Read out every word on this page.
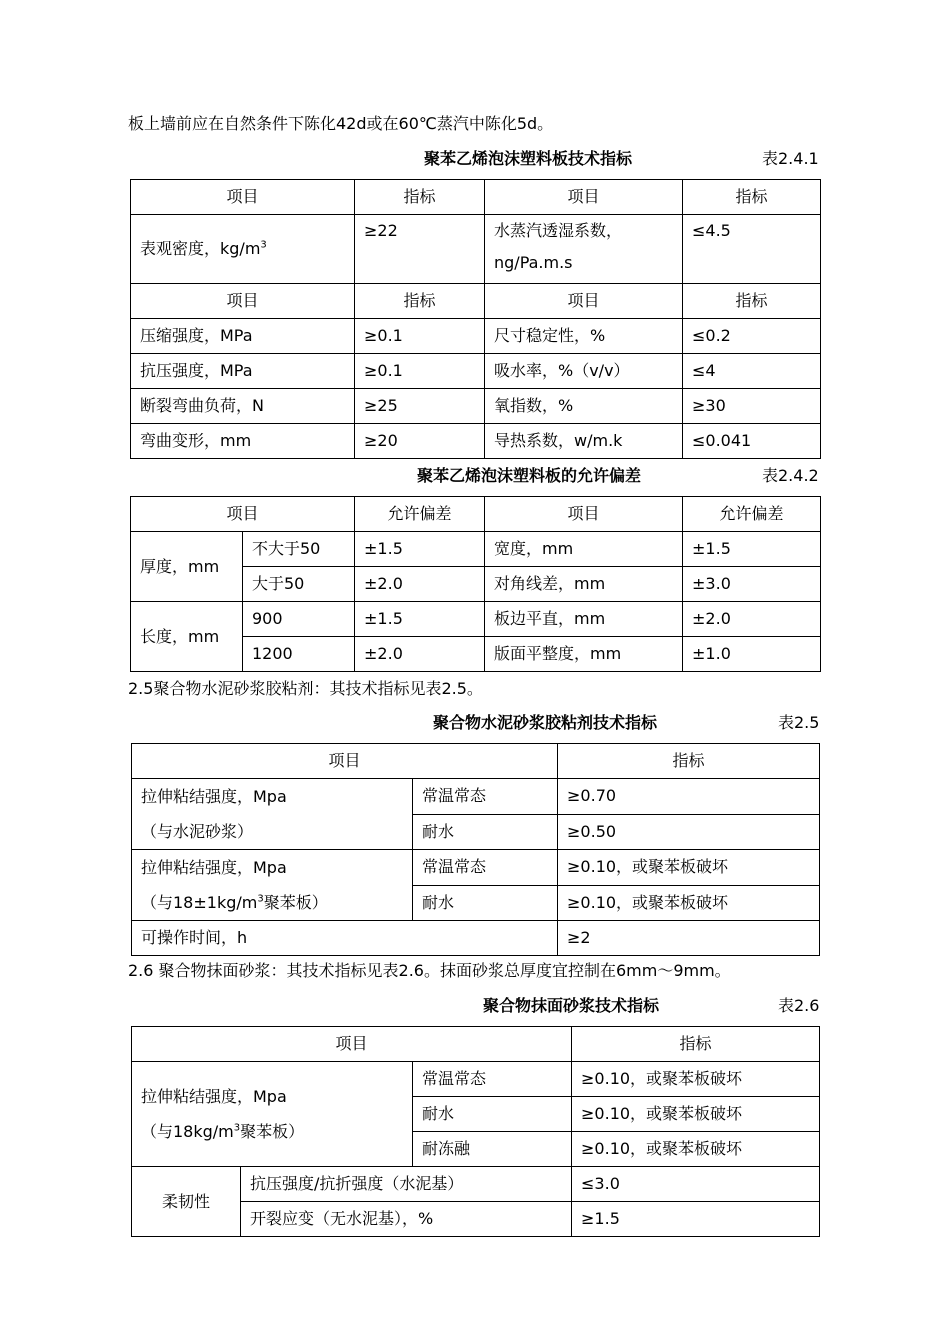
板上墙前应在自然条件下陈化42d或在60℃蒸汽中陈化5d。
聚苯乙烯泡沫塑料板技术指标	表2.4.1
项目	指标	项目	指标
表观密度，$kg/m^3$	≥22	水蒸汽透湿系数，
ng/Pa.m.s	≤4.5
项目	指标	项目	指标
压缩强度，MPa	≥0.1	尺寸稳定性，%	≤0.2
抗压强度，MPa	≥0.1	吸水率，%（v/v）	≤4
断裂弯曲负荷，N	≥25	氧指数，%	≥30
弯曲变形，mm	≥20	导热系数，w/m.k	≤0.041
聚苯乙烯泡沫塑料板的允许偏差	表2.4.2
项目		允许偏差	项目	允许偏差
厚度，mm	不大于50	±1.5	宽度，mm	±1.5
	大于50	±2.0	对角线差，mm	±3.0
长度，mm	900	±1.5	板边平直，mm	±2.0
	1200	±2.0	版面平整度，mm	±1.0
2.5聚合物水泥砂浆胶粘剂：其技术指标见表2.5。
聚合物水泥砂浆胶粘剂技术指标	表2.5
项目		指标

拉伸粘结强度，Mpa
（与水泥砂浆）	常温常态	≥0.70
	耐水	≥0.50

拉伸粘结强度，Mpa
（与$18\pm 1kg/m^3$聚苯板）	常温常态	≥0.10，或聚苯板破坏
	耐水	≥0.10，或聚苯板破坏
可操作时间，h		≥2
2.6 聚合物抹面砂浆：其技术指标见表2.6。抹面砂浆总厚度宜控制在6mm～9mm。
聚合物抹面砂浆技术指标	表2.6
项目			指标

拉伸粘结强度，Mpa
（与$18kg/m^3$聚苯板）		常温常态	≥0.10，或聚苯板破坏
		耐水	≥0.10，或聚苯板破坏
		耐冻融	≥0.10，或聚苯板破坏
柔韧性	抗压强度/抗折强度（水泥基）		≤3.0
	开裂应变（无水泥基），%		≥1.5
